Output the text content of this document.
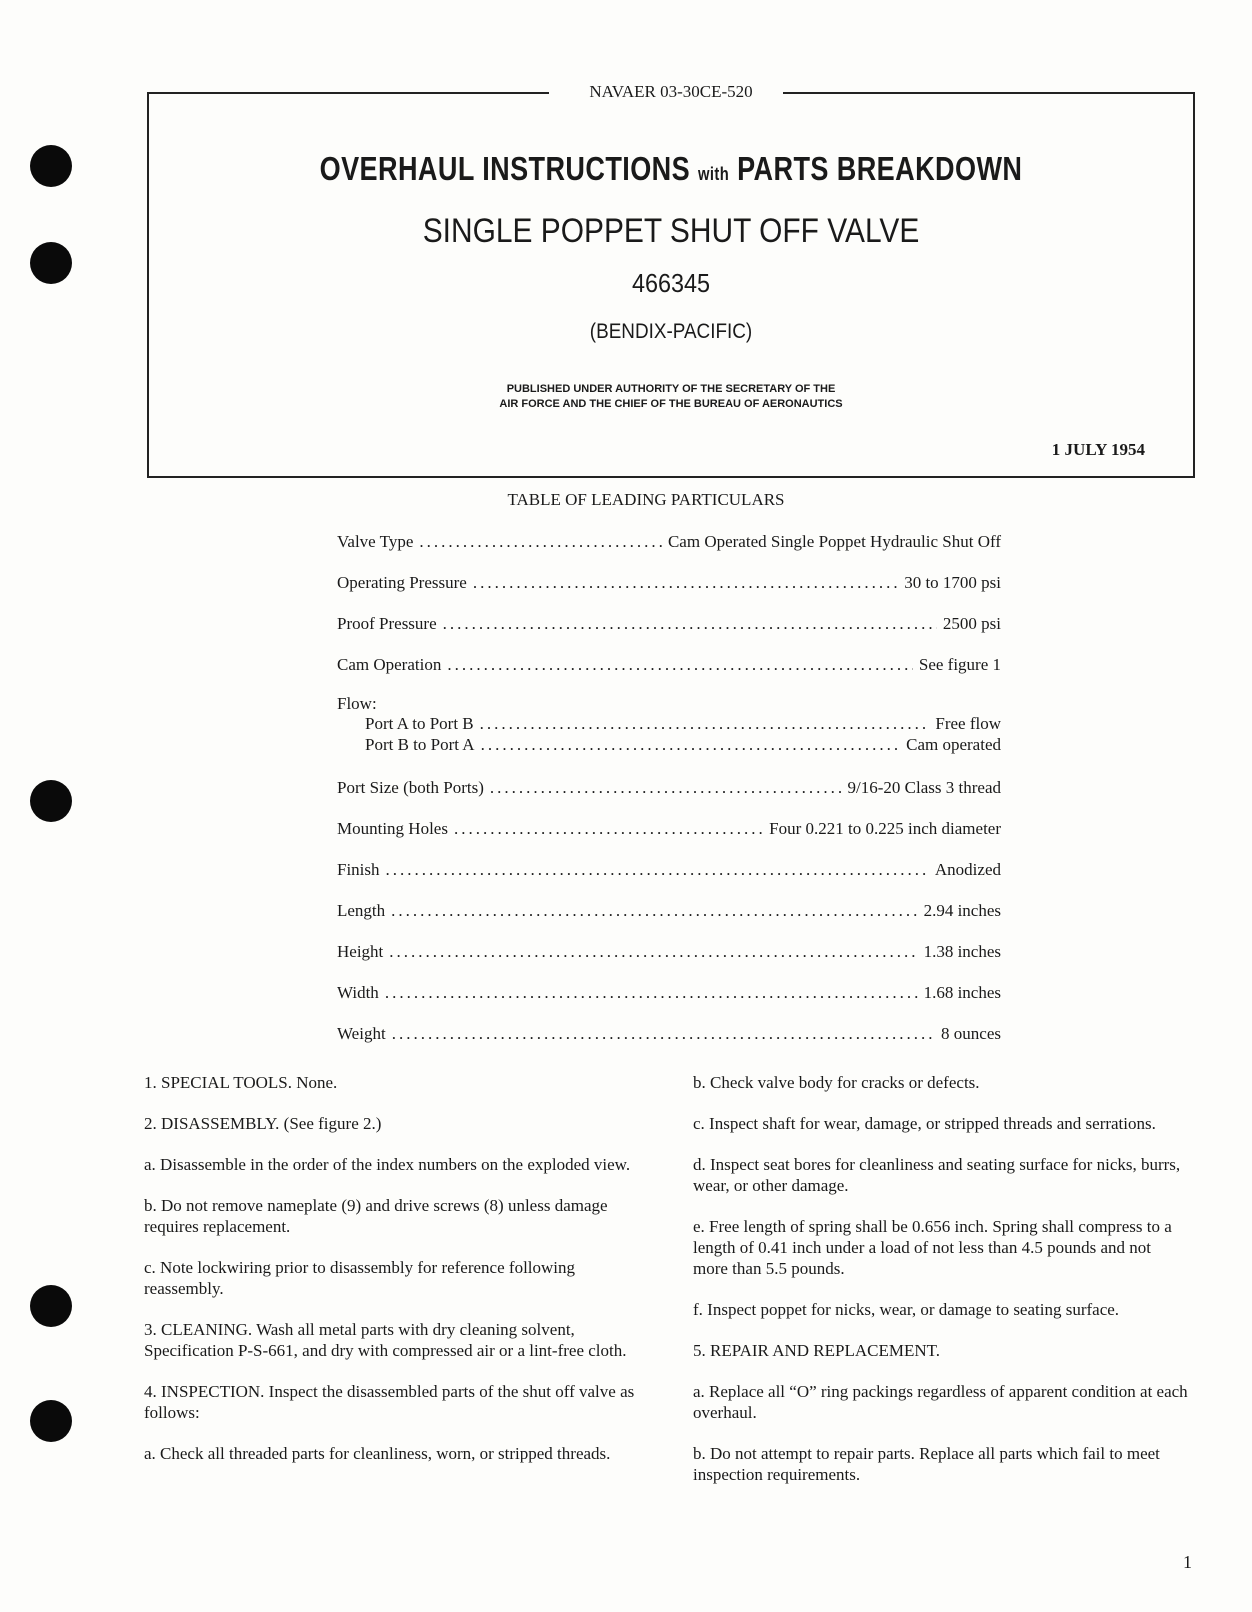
NAVAER 03-30CE-520
OVERHAUL INSTRUCTIONS with PARTS BREAKDOWN
SINGLE POPPET SHUT OFF VALVE
466345
(BENDIX-PACIFIC)
PUBLISHED UNDER AUTHORITY OF THE SECRETARY OF THE
AIR FORCE AND THE CHIEF OF THE BUREAU OF AERONAUTICS
1 JULY 1954
TABLE OF LEADING PARTICULARS
Valve Type .....	Cam Operated Single Poppet Hydraulic Shut Off
Operating Pressure .....	30 to 1700 psi
Proof Pressure .....	2500 psi
Cam Operation .....	See figure 1
Flow:
Port A to Port B .....	Free flow
Port B to Port A .....	Cam operated
Port Size (both Ports) .....	9/16-20 Class 3 thread
Mounting Holes .....	Four 0.221 to 0.225 inch diameter
Finish .....	Anodized
Length .....	2.94 inches
Height .....	1.38 inches
Width .....	1.68 inches
Weight .....	8 ounces

1. SPECIAL TOOLS. None.

2. DISASSEMBLY. (See figure 2.)

a. Disassemble in the order of the index numbers on the exploded view.

b. Do not remove nameplate (9) and drive screws (8) unless damage requires replacement.

c. Note lockwiring prior to disassembly for reference following reassembly.

3. CLEANING. Wash all metal parts with dry cleaning solvent, Specification P-S-661, and dry with compressed air or a lint-free cloth.

4. INSPECTION. Inspect the disassembled parts of the shut off valve as follows:

a. Check all threaded parts for cleanliness, worn, or stripped threads.

b. Check valve body for cracks or defects.

c. Inspect shaft for wear, damage, or stripped threads and serrations.

d. Inspect seat bores for cleanliness and seating surface for nicks, burrs, wear, or other damage.

e. Free length of spring shall be 0.656 inch. Spring shall compress to a length of 0.41 inch under a load of not less than 4.5 pounds and not more than 5.5 pounds.

f. Inspect poppet for nicks, wear, or damage to seating surface.

5. REPAIR AND REPLACEMENT.

a. Replace all “O” ring packings regardless of apparent condition at each overhaul.

b. Do not attempt to repair parts. Replace all parts which fail to meet inspection requirements.

1
